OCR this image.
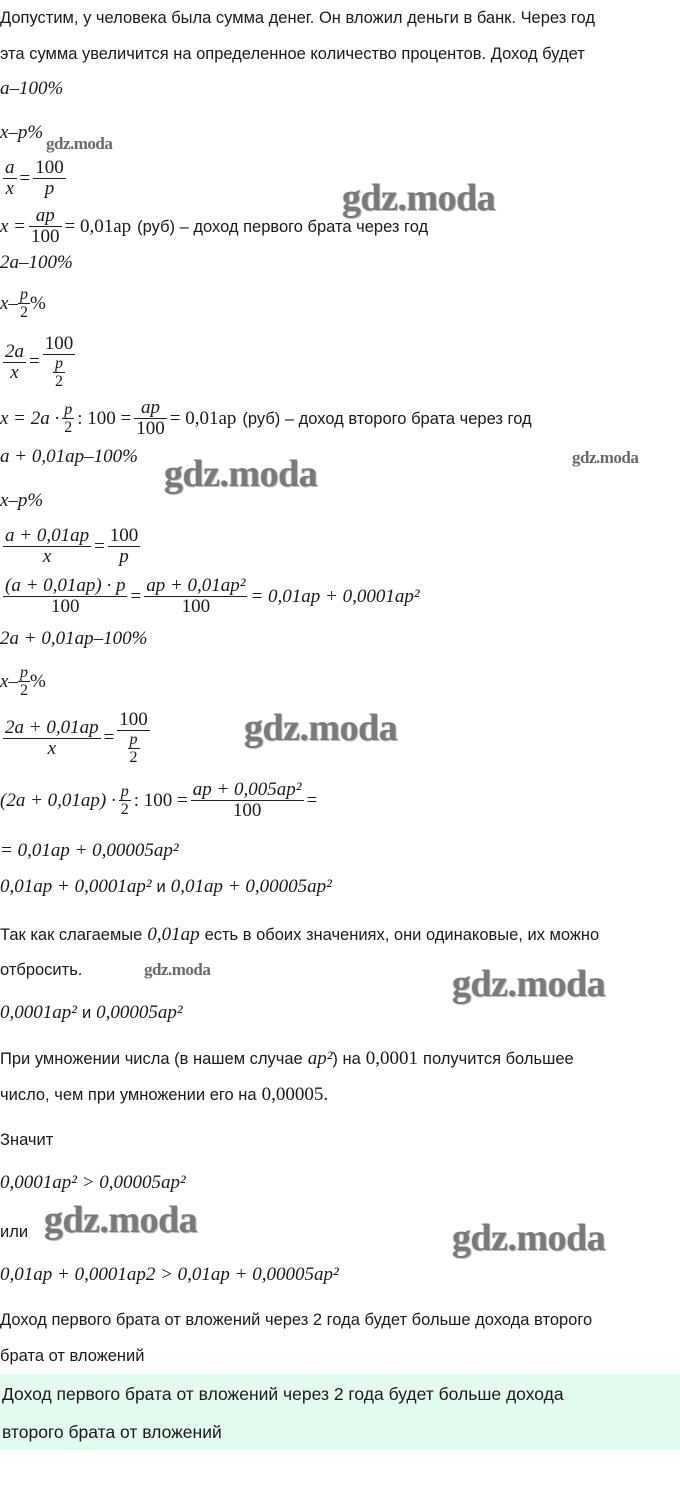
Допустим, у человека была сумма денег. Он вложил деньги в банк. Через год
эта сумма увеличится на определенное количество процентов. Доход будет
a–100%
x–p%
$\frac{a}{x} = \frac{100}{p}$
$x = \frac{ap}{100} = 0,01ap$ (руб) – доход первого брата через год
2a–100%
$x- \frac{p}{2}$ %
$\frac{2a}{x} = \frac{100}{\frac{p}{2}}$
$x = 2a \cdot \frac{p}{2}$ : $100 = \frac{ap}{100} = 0,01ap$ (руб) – доход второго брата через год
a + 0,01ap–100%
x–p%
$\frac{a + 0,01ap}{x} = \frac{100}{p}$
$\frac{(a + 0,01ap) \cdot p}{100} = \frac{\text{ap + 0,01ap²}}{100} = 0,01ap + 0,0001ap^2$
2a + 0,01ap–100%
$x- \frac{p}{2}$ %
$\frac{2a + 0,01ap}{x} = \frac{100}{\frac{p}{2}}$
$(2a + 0,01ap) \cdot \frac{p}{2}$ : $100 = \frac{\text{ap + 0,005ap²}}{100}$ =
= 0,01ap + 0,00005ap²
0,01ap + 0,0001ap² и 0,01ap + 0,00005ap²
Так как слагаемые 0,01ap есть в обоих значениях, они одинаковые, их можно
отбросить.
0,0001ap² и 0,00005ap²
При умножении числа (в нашем случае ap² ) на 0,0001 получится большее
число, чем при умножении его на 0,00005.
Значит
0,0001ap² > 0,00005ap²
или
0,01ap + 0,0001ap2 > 0,01ap + 0,00005ap²
Доход первого брата от вложений через 2 года будет больше дохода второго
брата от вложений
Доход первого брата от вложений через 2 года будет больше дохода
второго брата от вложений
gdz.moda
gdz.moda
gdz.moda	gdz.moda
gdz.moda
gdz.moda	gdz.moda
gdz.moda	gdz.moda
